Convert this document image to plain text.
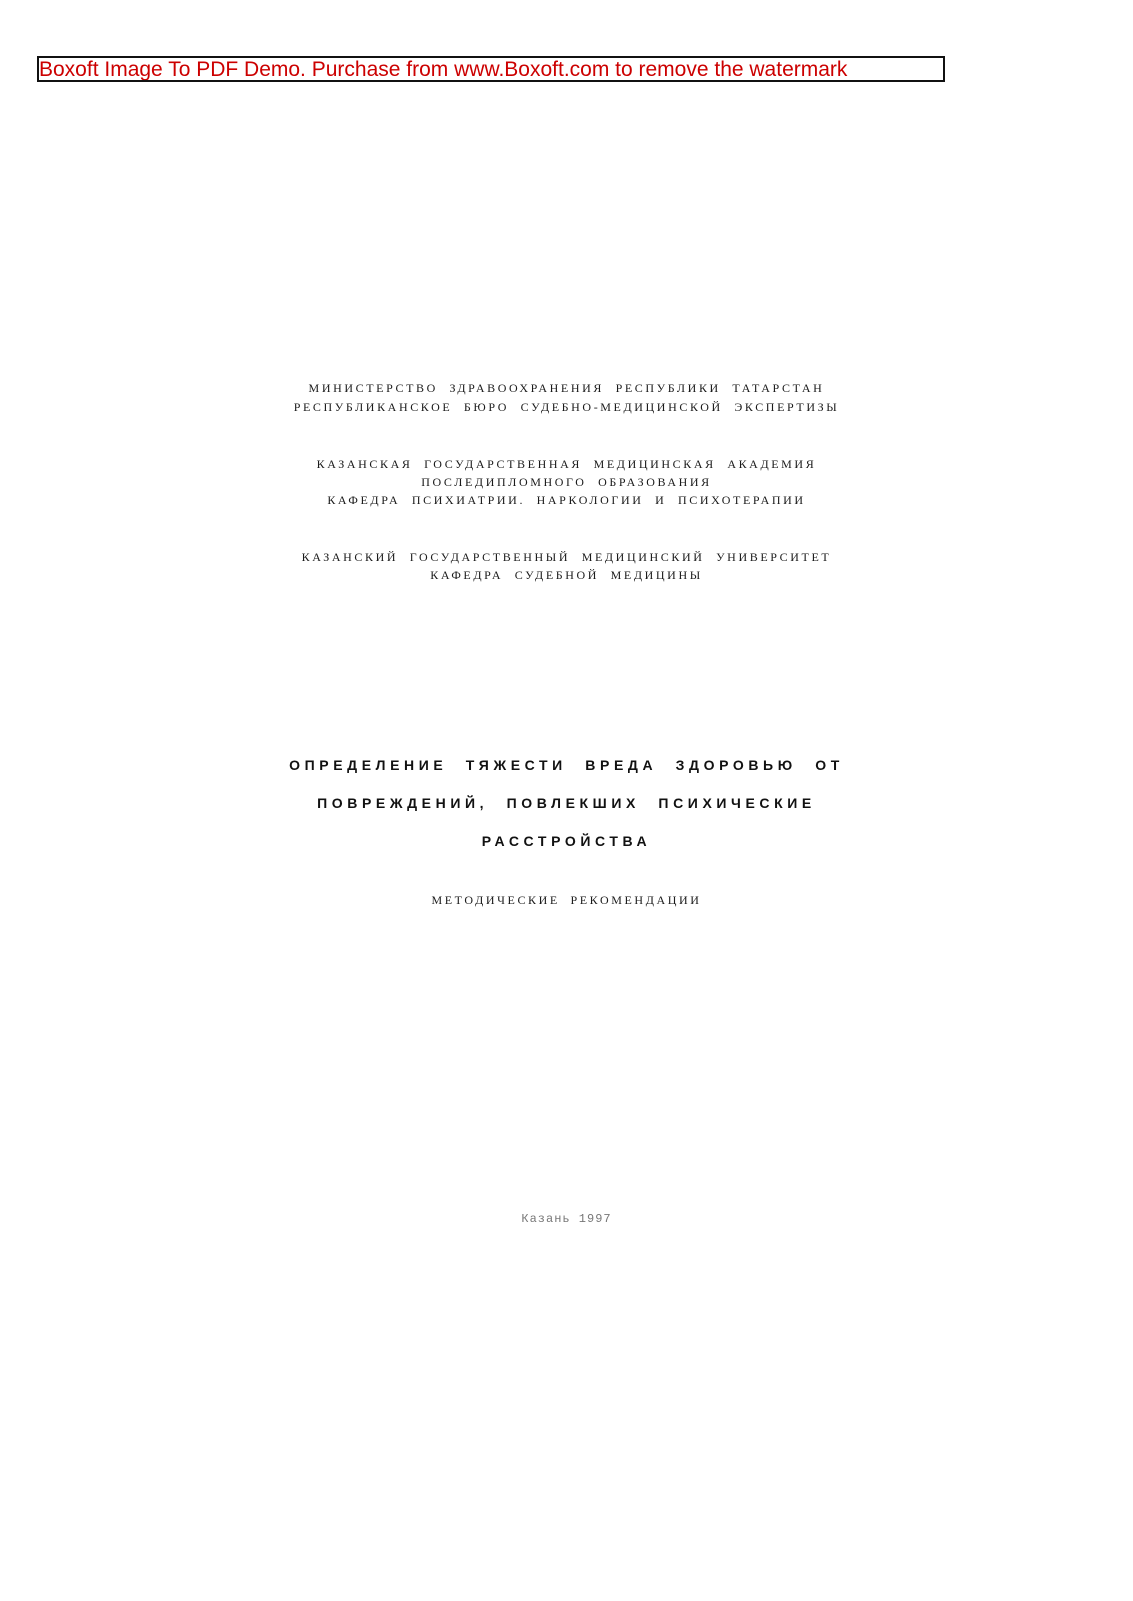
Boxoft Image To PDF Demo. Purchase from www.Boxoft.com to remove the watermark
МИНИСТЕРСТВО ЗДРАВООХРАНЕНИЯ РЕСПУБЛИКИ ТАТАРСТАН
РЕСПУБЛИКАНСКОЕ БЮРО СУДЕБНО-МЕДИЦИНСКОЙ ЭКСПЕРТИЗЫ
КАЗАНСКАЯ ГОСУДАРСТВЕННАЯ МЕДИЦИНСКАЯ АКАДЕМИЯ
ПОСЛЕДИПЛОМНОГО ОБРАЗОВАНИЯ
КАФЕДРА ПСИХИАТРИИ. НАРКОЛОГИИ И ПСИХОТЕРАПИИ
КАЗАНСКИЙ ГОСУДАРСТВЕННЫЙ МЕДИЦИНСКИЙ УНИВЕРСИТЕТ
КАФЕДРА СУДЕБНОЙ МЕДИЦИНЫ
ОПРЕДЕЛЕНИЕ ТЯЖЕСТИ ВРЕДА ЗДОРОВЬЮ ОТ
ПОВРЕЖДЕНИЙ, ПОВЛЕКШИХ ПСИХИЧЕСКИЕ
РАССТРОЙСТВА
МЕТОДИЧЕСКИЕ РЕКОМЕНДАЦИИ
Казань 1997
